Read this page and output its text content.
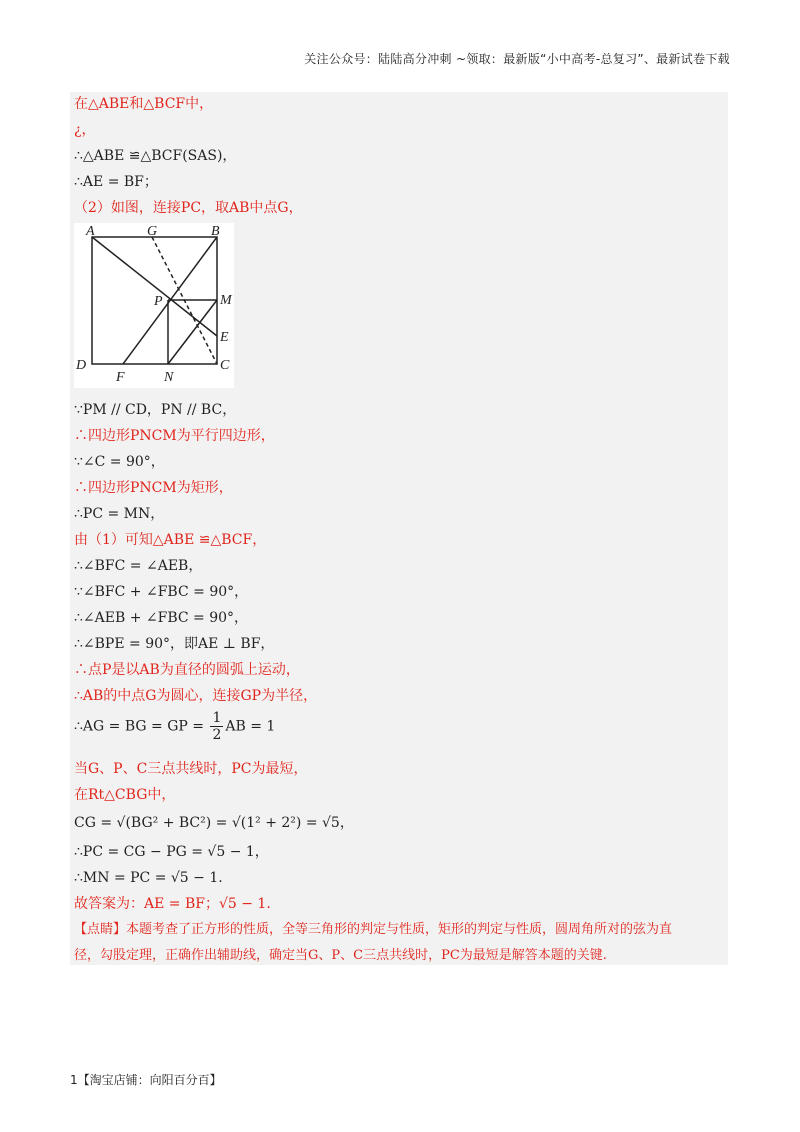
关注公众号：陆陆高分冲刺 ~领取：最新版“小中高考-总复习”、最新试卷下载
在△ABE和△BCF中，
¿，
∴△ABE ≌△BCF(SAS)，
∴AE = BF；
（2）如图，连接PC，取AB中点G，
A	G	B
P	M
E
D
F	N
C
∵PM // CD，PN // BC，
∴四边形PNCM为平行四边形，
∵∠C = 90°，
∴四边形PNCM为矩形，
∴PC = MN，
由（1）可知△ABE ≌△BCF，
∴∠BFC = ∠AEB，
∵∠BFC + ∠FBC = 90°，
∴∠AEB + ∠FBC = 90°，
∴∠BPE = 90°，即AE ⊥ BF，
∴点P是以AB为直径的圆弧上运动，
∴AB的中点G为圆心，连接GP为半径，
∴AG = BG = GP = $\frac{1}{2}$ AB = 1
当G、P、C三点共线时，PC为最短，
在Rt△CBG中，
CG = √(BG² + BC²) = √(1² + 2²) = √5，
∴PC = CG − PG = √5 − 1，
∴MN = PC = √5 − 1.
故答案为：AE = BF；√5 − 1.
【点睛】本题考查了正方形的性质，全等三角形的判定与性质，矩形的判定与性质，圆周角所对的弦为直
径，勾股定理，正确作出辅助线，确定当G、P、C三点共线时，PC为最短是解答本题的关键.
1【淘宝店铺：向阳百分百】
